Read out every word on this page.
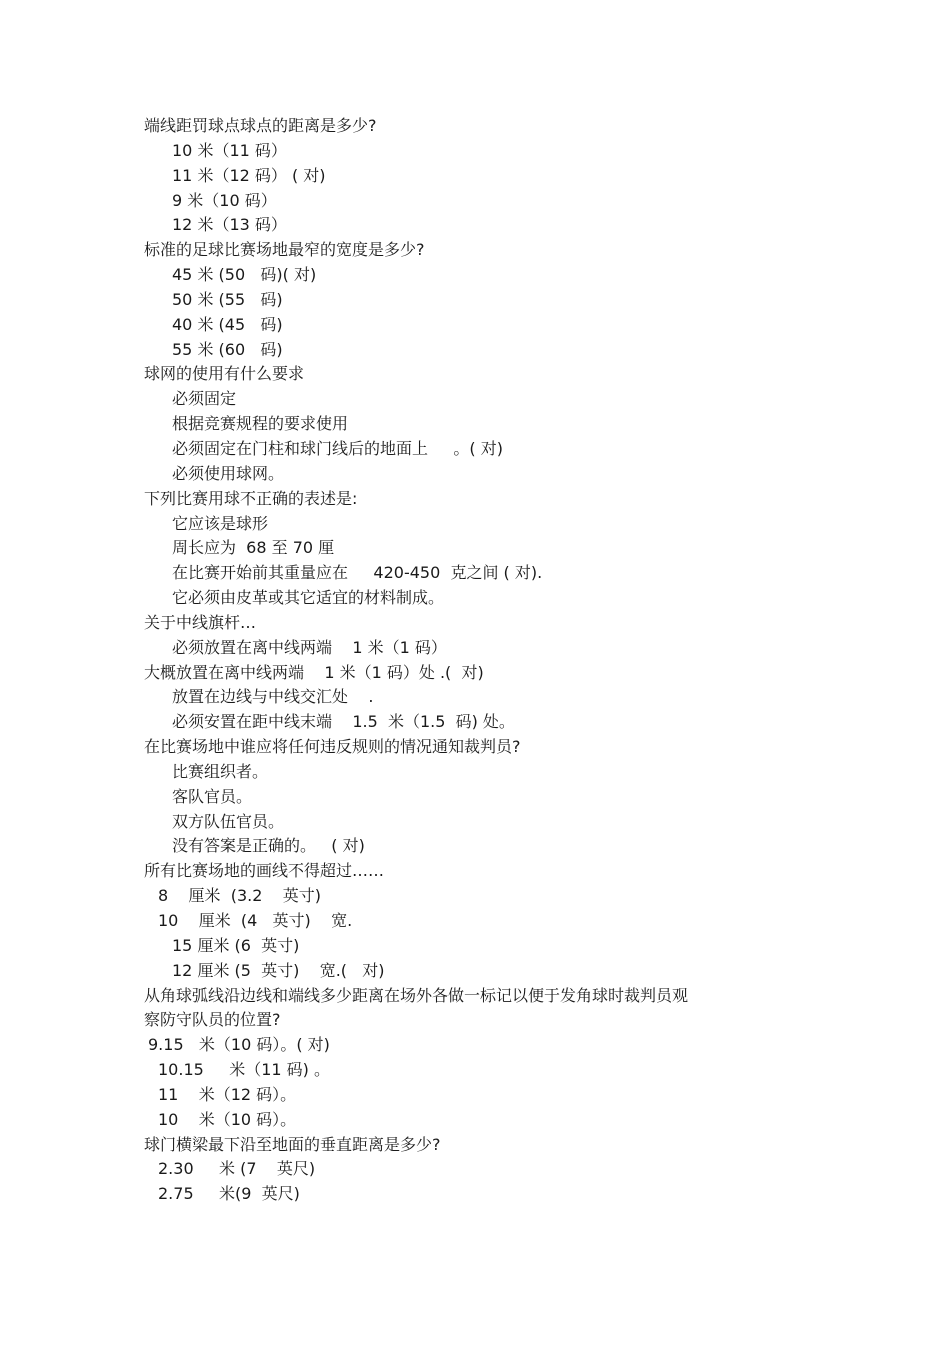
端线距罚球点球点的距离是多少?
10 米（11 码）
11 米（12 码） ( 对)
9 米（10 码）
12 米（13 码）
标准的足球比赛场地最窄的宽度是多少?
45 米 (50   码)( 对)
50 米 (55   码)
40 米 (45   码)
55 米 (60   码)
球网的使用有什么要求
必须固定
根据竞赛规程的要求使用
必须固定在门柱和球门线后的地面上     。( 对)
必须使用球网。
下列比赛用球不正确的表述是:
它应该是球形
周长应为  68 至 70 厘
在比赛开始前其重量应在     420-450  克之间 ( 对).
它必须由皮革或其它适宜的材料制成。
关于中线旗杆…
必须放置在离中线两端    1 米（1 码）
大概放置在离中线两端    1 米（1 码）处 .(  对)
放置在边线与中线交汇处    .
必须安置在距中线末端    1.5  米（1.5  码) 处。
在比赛场地中谁应将任何违反规则的情况通知裁判员?
比赛组织者。
客队官员。
双方队伍官员。
没有答案是正确的。   ( 对)
所有比赛场地的画线不得超过……
8    厘米  (3.2    英寸)
10    厘米  (4   英寸)    宽.
15 厘米 (6  英寸)
12 厘米 (5  英寸)    宽.(   对)
从角球弧线沿边线和端线多少距离在场外各做一标记以便于发角球时裁判员观
察防守队员的位置?
9.15   米（10 码）。( 对)
10.15     米（11 码) 。
11    米（12 码）。
10    米（10 码）。
球门横梁最下沿至地面的垂直距离是多少?
2.30     米 (7    英尺)
2.75     米(9  英尺)
